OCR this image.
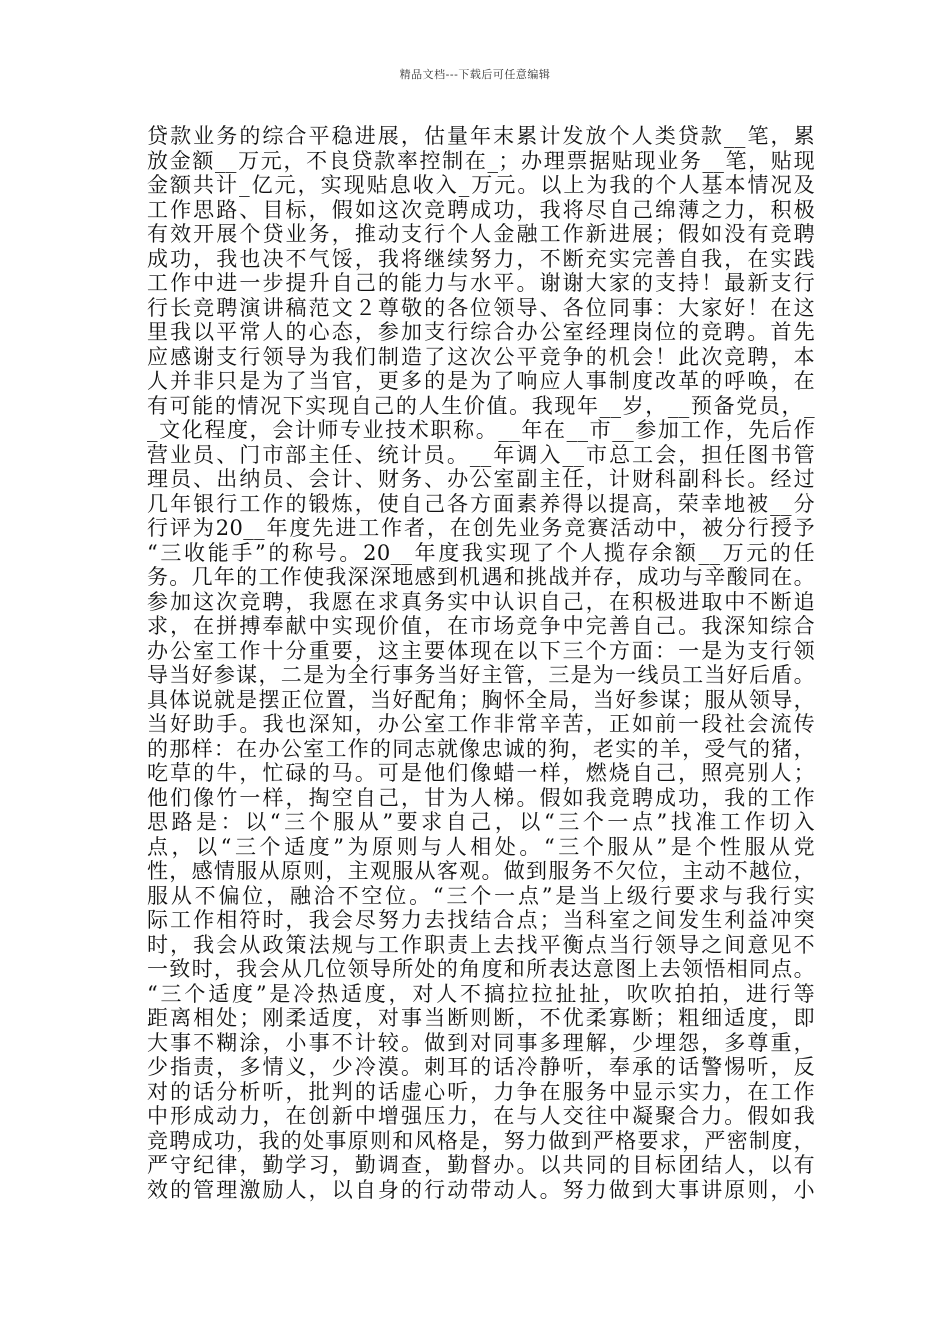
精品文档---下载后可任意编辑
贷款业务的综合平稳进展，估量年末累计发放个人类贷款__笔，累
放金额__万元，不良贷款率控制在_；办理票据贴现业务__笔，贴现
金额共计_亿元，实现贴息收入_万元。以上为我的个人基本情况及
工作思路、目标，假如这次竞聘成功，我将尽自己绵薄之力，积极
有效开展个贷业务，推动支行个人金融工作新进展；假如没有竞聘
成功，我也决不气馁，我将继续努力，不断充实完善自我，在实践
工作中进一步提升自己的能力与水平。谢谢大家的支持！最新支行
行长竞聘演讲稿范文２尊敬的各位领导、各位同事：大家好！在这
里我以平常人的心态，参加支行综合办公室经理岗位的竞聘。首先
应感谢支行领导为我们制造了这次公平竞争的机会！此次竞聘，本
人并非只是为了当官，更多的是为了响应人事制度改革的呼唤，在
有可能的情况下实现自己的人生价值。我现年__岁，__预备党员，_
_文化程度，会计师专业技术职称。__年在__市__参加工作，先后作
营业员、门市部主任、统计员。__年调入__市总工会，担任图书管
理员、出纳员、会计、财务、办公室副主任，计财科副科长。经过
几年银行工作的锻炼，使自己各方面素养得以提高，荣幸地被__分
行评为20__年度先进工作者，在创先业务竞赛活动中，被分行授予
“三收能手”的称号。20__年度我实现了个人揽存余额__万元的任
务。几年的工作使我深深地感到机遇和挑战并存，成功与辛酸同在。
参加这次竞聘，我愿在求真务实中认识自己，在积极进取中不断追
求，在拼搏奉献中实现价值，在市场竞争中完善自己。我深知综合
办公室工作十分重要，这主要体现在以下三个方面：一是为支行领
导当好参谋，二是为全行事务当好主管，三是为一线员工当好后盾。
具体说就是摆正位置，当好配角；胸怀全局，当好参谋；服从领导，
当好助手。我也深知，办公室工作非常辛苦，正如前一段社会流传
的那样：在办公室工作的同志就像忠诚的狗，老实的羊，受气的猪，
吃草的牛，忙碌的马。可是他们像蜡一样，燃烧自己，照亮别人；
他们像竹一样，掏空自己，甘为人梯。假如我竞聘成功，我的工作
思路是：以“三个服从”要求自己，以“三个一点”找准工作切入
点，以“三个适度”为原则与人相处。“三个服从”是个性服从党
性，感情服从原则，主观服从客观。做到服务不欠位，主动不越位，
服从不偏位，融洽不空位。“三个一点”是当上级行要求与我行实
际工作相符时，我会尽努力去找结合点；当科室之间发生利益冲突
时，我会从政策法规与工作职责上去找平衡点当行领导之间意见不
一致时，我会从几位领导所处的角度和所表达意图上去领悟相同点。
“三个适度”是冷热适度，对人不搞拉拉扯扯，吹吹拍拍，进行等
距离相处；刚柔适度，对事当断则断，不优柔寡断；粗细适度，即
大事不糊涂，小事不计较。做到对同事多理解，少埋怨，多尊重，
少指责，多情义，少冷漠。刺耳的话冷静听，奉承的话警惕听，反
对的话分析听，批判的话虚心听，力争在服务中显示实力，在工作
中形成动力，在创新中增强压力，在与人交往中凝聚合力。假如我
竞聘成功，我的处事原则和风格是，努力做到严格要求，严密制度，
严守纪律，勤学习，勤调查，勤督办。以共同的目标团结人，以有
效的管理激励人，以自身的行动带动人。努力做到大事讲原则，小
